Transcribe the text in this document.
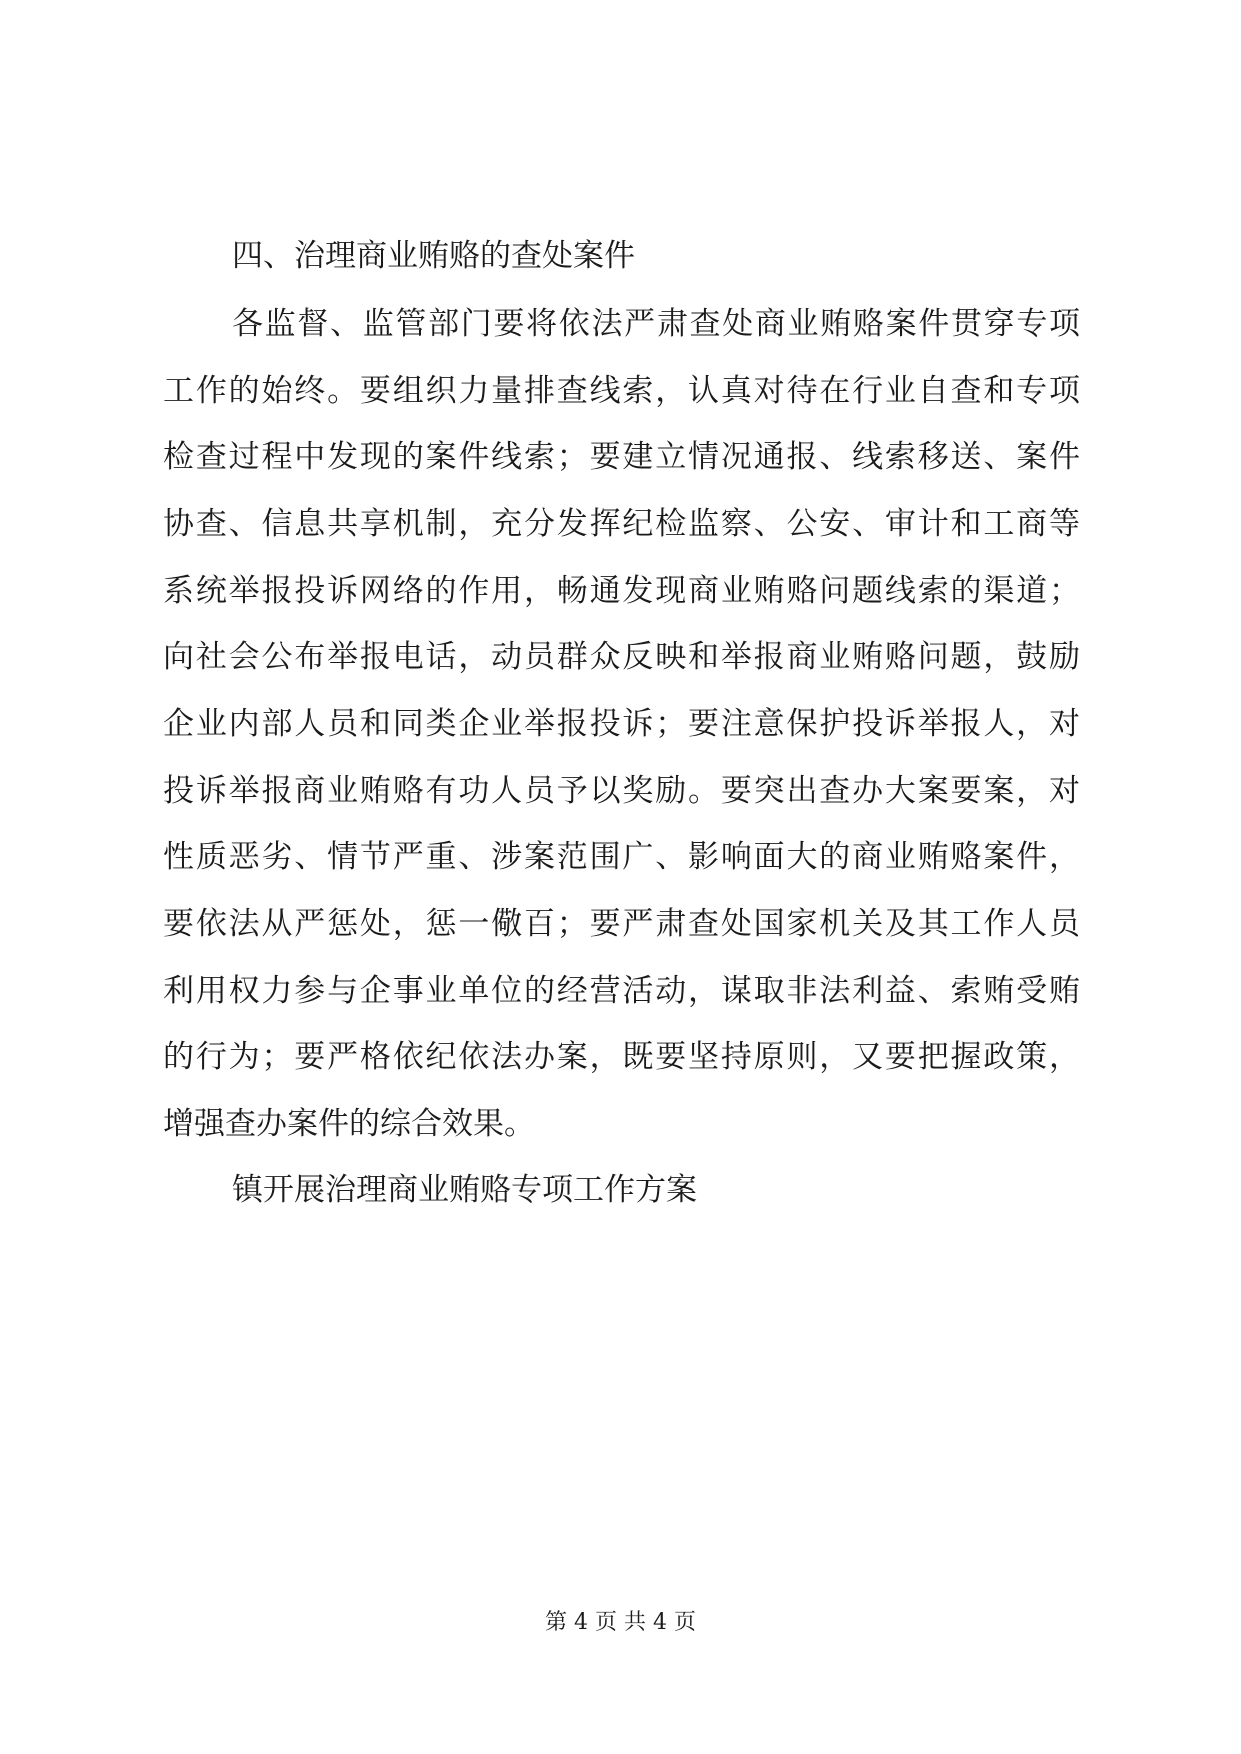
四、治理商业贿赂的查处案件
各监督、监管部门要将依法严肃查处商业贿赂案件贯穿专项
工作的始终。要组织力量排查线索，认真对待在行业自查和专项
检查过程中发现的案件线索；要建立情况通报、线索移送、案件
协查、信息共享机制，充分发挥纪检监察、公安、审计和工商等
系统举报投诉网络的作用，畅通发现商业贿赂问题线索的渠道；
向社会公布举报电话，动员群众反映和举报商业贿赂问题，鼓励
企业内部人员和同类企业举报投诉；要注意保护投诉举报人，对
投诉举报商业贿赂有功人员予以奖励。要突出查办大案要案，对
性质恶劣、情节严重、涉案范围广、影响面大的商业贿赂案件，
要依法从严惩处，惩一儆百；要严肃查处国家机关及其工作人员
利用权力参与企事业单位的经营活动，谋取非法利益、索贿受贿
的行为；要严格依纪依法办案，既要坚持原则，又要把握政策，
增强查办案件的综合效果。
镇开展治理商业贿赂专项工作方案
第 4 页 共 4 页
